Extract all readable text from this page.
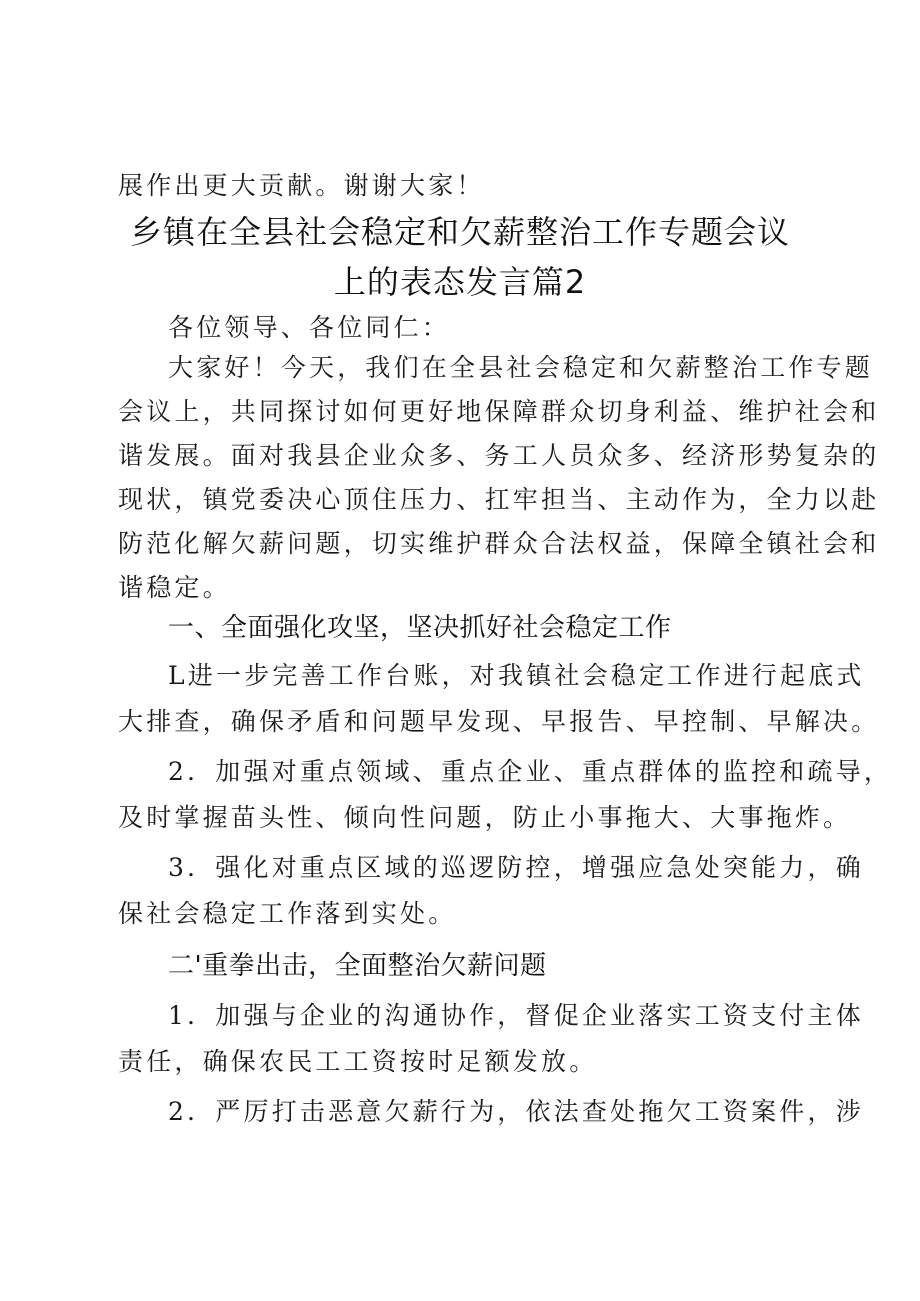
展作出更大贡献。谢谢大家！
乡镇在全县社会稳定和欠薪整治工作专题会议
上的表态发言篇2
各位领导、各位同仁：
大家好！今天，我们在全县社会稳定和欠薪整治工作专题
会议上，共同探讨如何更好地保障群众切身利益、维护社会和
谐发展。面对我县企业众多、务工人员众多、经济形势复杂的
现状，镇党委决心顶住压力、扛牢担当、主动作为，全力以赴
防范化解欠薪问题，切实维护群众合法权益，保障全镇社会和
谐稳定。
一、全面强化攻坚，坚决抓好社会稳定工作
L进一步完善工作台账，对我镇社会稳定工作进行起底式
大排查，确保矛盾和问题早发现、早报告、早控制、早解决。
2．加强对重点领域、重点企业、重点群体的监控和疏导，
及时掌握苗头性、倾向性问题，防止小事拖大、大事拖炸。
3．强化对重点区域的巡逻防控，增强应急处突能力，确
保社会稳定工作落到实处。
二'重拳出击，全面整治欠薪问题
1．加强与企业的沟通协作，督促企业落实工资支付主体
责任，确保农民工工资按时足额发放。
2．严厉打击恶意欠薪行为，依法查处拖欠工资案件，涉
